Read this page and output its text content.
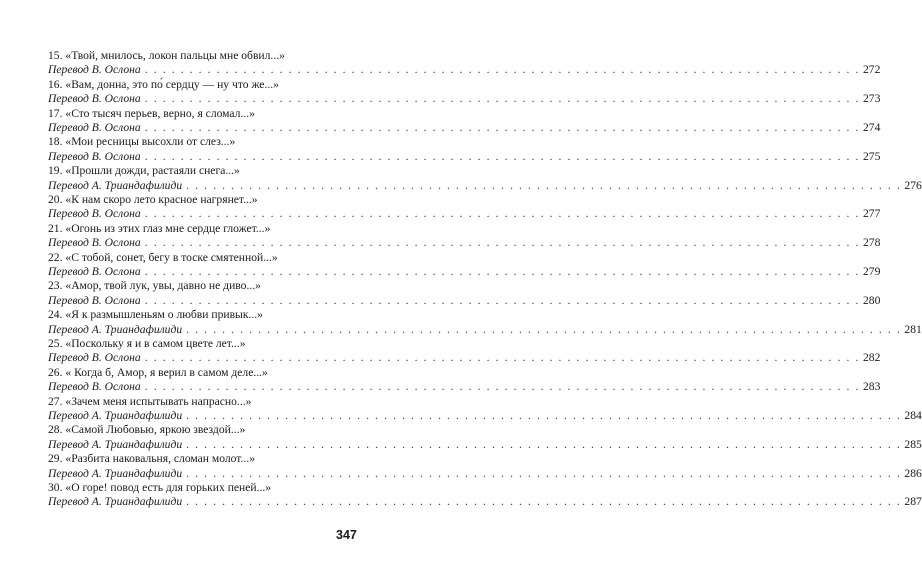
15. «Твой, мнилось, локон пальцы мне обвил...»
Перевод В. Ослона . . . . . . . . . . . . . . . . . . . . . . . . . . . . . . . . . . . . . . . . . . . . . . . . . . . . . . . . . . . . . . . . . . . . . . . . . . . . . . . . 272
16. «Вам, донна, это по́ сердцу — ну что же...»
Перевод В. Ослона . . . . . . . . . . . . . . . . . . . . . . . . . . . . . . . . . . . . . . . . . . . . . . . . . . . . . . . . . . . . . . . . . . . . . . . . . . . . . . . . 273
17. «Сто тысяч перьев, верно, я сломал...»
Перевод В. Ослона . . . . . . . . . . . . . . . . . . . . . . . . . . . . . . . . . . . . . . . . . . . . . . . . . . . . . . . . . . . . . . . . . . . . . . . . . . . . . . . . 274
18. «Мои ресницы высохли от слез...»
Перевод В. Ослона . . . . . . . . . . . . . . . . . . . . . . . . . . . . . . . . . . . . . . . . . . . . . . . . . . . . . . . . . . . . . . . . . . . . . . . . . . . . . . . . 275
19. «Прошли дожди, растаяли снега...»
Перевод А. Триандафилиди . . . . . . . . . . . . . . . . . . . . . . . . . . . . . . . . . . . . . . . . . . . . . . . . . . . . . . . . . . . . . . . . . . . . . . . . . . . . . . . . 276
20. «К нам скоро лето красное нагрянет...»
Перевод В. Ослона . . . . . . . . . . . . . . . . . . . . . . . . . . . . . . . . . . . . . . . . . . . . . . . . . . . . . . . . . . . . . . . . . . . . . . . . . . . . . . . . 277
21. «Огонь из этих глаз мне сердце гложет...»
Перевод В. Ослона . . . . . . . . . . . . . . . . . . . . . . . . . . . . . . . . . . . . . . . . . . . . . . . . . . . . . . . . . . . . . . . . . . . . . . . . . . . . . . . . 278
22. «С тобой, сонет, бегу в тоске смятенной...»
Перевод В. Ослона . . . . . . . . . . . . . . . . . . . . . . . . . . . . . . . . . . . . . . . . . . . . . . . . . . . . . . . . . . . . . . . . . . . . . . . . . . . . . . . . 279
23. «Амор, твой лук, увы, давно не диво...»
Перевод В. Ослона . . . . . . . . . . . . . . . . . . . . . . . . . . . . . . . . . . . . . . . . . . . . . . . . . . . . . . . . . . . . . . . . . . . . . . . . . . . . . . . . 280
24. «Я к размышленьям о любви привык...»
Перевод А. Триандафилиди . . . . . . . . . . . . . . . . . . . . . . . . . . . . . . . . . . . . . . . . . . . . . . . . . . . . . . . . . . . . . . . . . . . . . . . . . . . . . . . . 281
25. «Поскольку я и в самом цвете лет...»
Перевод В. Ослона . . . . . . . . . . . . . . . . . . . . . . . . . . . . . . . . . . . . . . . . . . . . . . . . . . . . . . . . . . . . . . . . . . . . . . . . . . . . . . . . 282
26. « Когда б, Амор, я верил в самом деле...»
Перевод В. Ослона . . . . . . . . . . . . . . . . . . . . . . . . . . . . . . . . . . . . . . . . . . . . . . . . . . . . . . . . . . . . . . . . . . . . . . . . . . . . . . . . 283
27. «Зачем меня испытывать напрасно...»
Перевод А. Триандафилиди . . . . . . . . . . . . . . . . . . . . . . . . . . . . . . . . . . . . . . . . . . . . . . . . . . . . . . . . . . . . . . . . . . . . . . . . . . . . . . . . 284
28. «Самой Любовью, яркою звездой...»
Перевод А. Триандафилиди . . . . . . . . . . . . . . . . . . . . . . . . . . . . . . . . . . . . . . . . . . . . . . . . . . . . . . . . . . . . . . . . . . . . . . . . . . . . . . . . 285
29. «Разбита наковальня, сломан молот...»
Перевод А. Триандафилиди . . . . . . . . . . . . . . . . . . . . . . . . . . . . . . . . . . . . . . . . . . . . . . . . . . . . . . . . . . . . . . . . . . . . . . . . . . . . . . . . 286
30. «О горе! повод есть для горьких пеней...»
Перевод А. Триандафилиди . . . . . . . . . . . . . . . . . . . . . . . . . . . . . . . . . . . . . . . . . . . . . . . . . . . . . . . . . . . . . . . . . . . . . . . . . . . . . . . . 287
347
